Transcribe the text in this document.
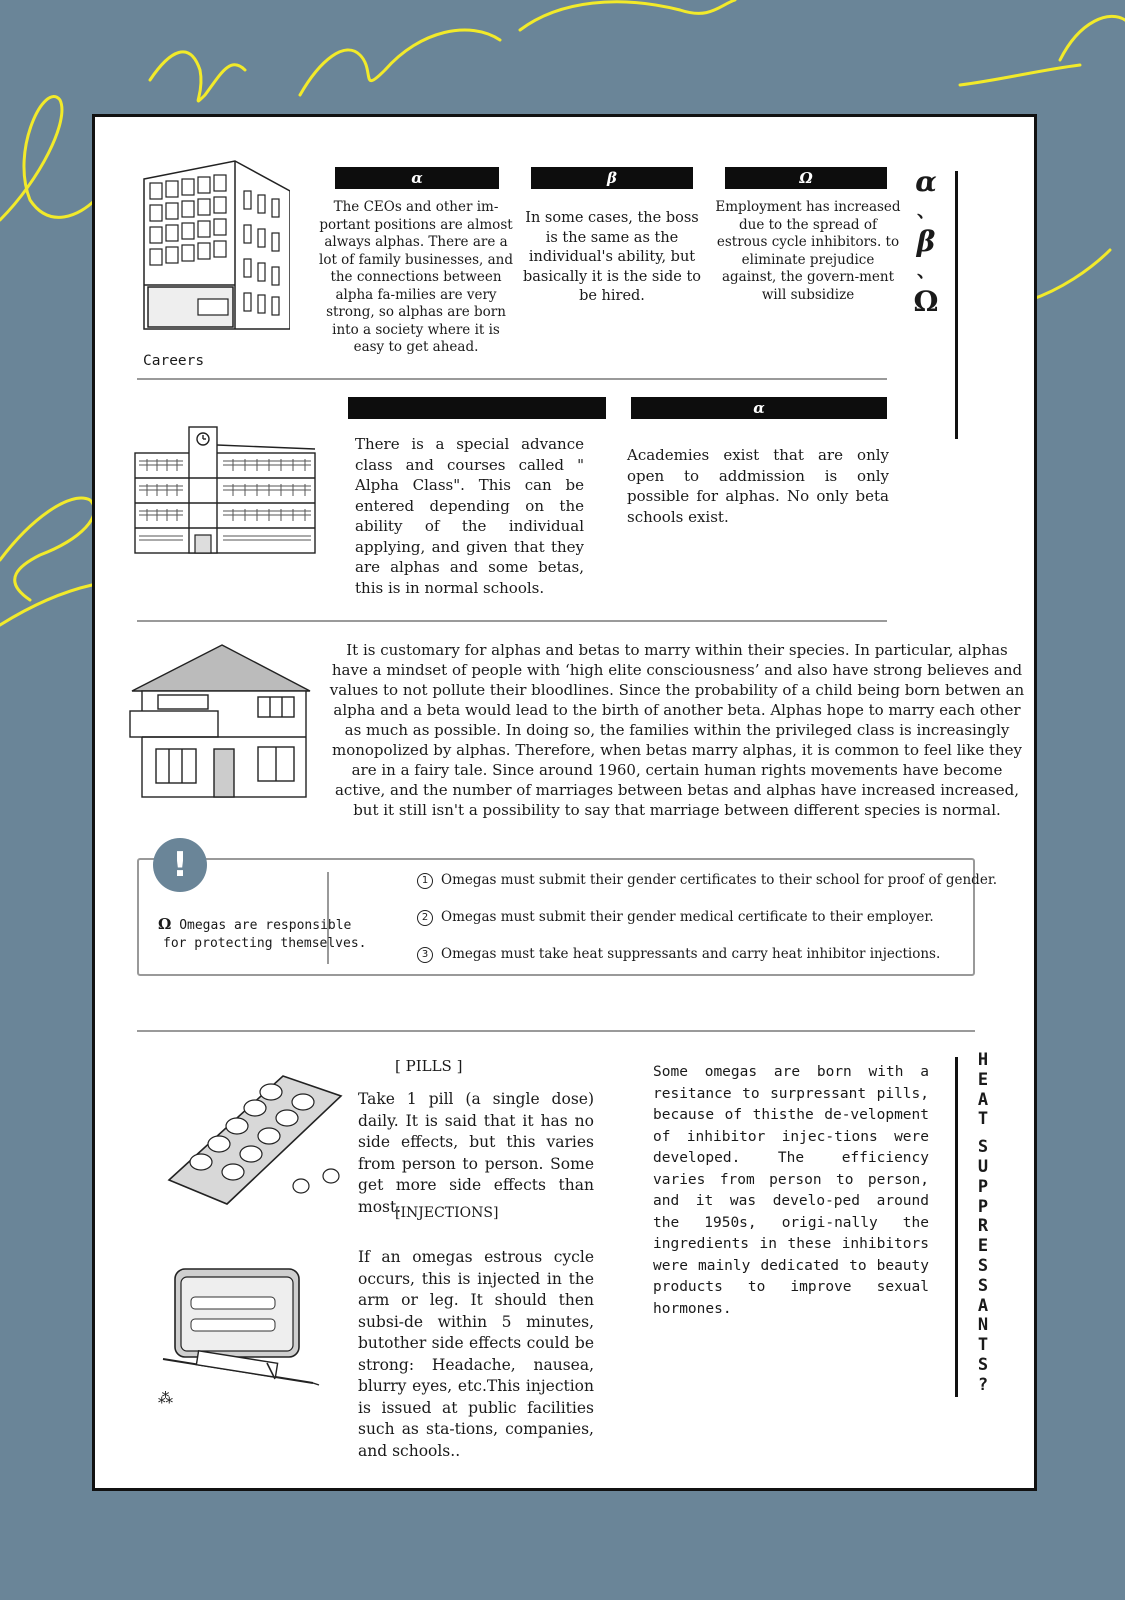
Careers
α
The CEOs and other im-portant positions are almost always alphas. There are a lot of family businesses, and the connections between alpha fa-milies are very strong, so alphas are born into a society where it is easy to get ahead.
β
In some cases, the boss is the same as the individual's ability, but basically it is the side to be hired.
Ω
Employment has increased due to the spread of estrous cycle inhibitors. to eliminate prejudice against, the govern-ment will subsidize
α
、
β
、
Ω
There is a special advance class and courses called " Alpha Class". This can be entered depending on the ability of the individual applying, and given that they are alphas and some betas, this is in normal schools.
α
Academies exist that are only open to addmission is only possible for alphas. No only beta schools exist.
It is customary for alphas and betas to marry within their species. In particular, alphas have a mindset of people with ‘high elite consciousness’ and also have strong believes and values to not pollute their bloodlines. Since the probability of a child being born betwen an alpha and a beta would lead to the birth of another beta. Alphas hope to marry each other as much as possible. In doing so, the families within the privileged class is increasingly monopolized by alphas. Therefore, when betas marry alphas, it is common to feel like they are in a fairy tale. Since around 1960, certain human rights movements have become active, and the number of marriages between betas and alphas have increased increased, but it still isn't a possibility to say that marriage between different species is normal.
!
Ω Omegas are responsible
for protecting themselves.
1 Omegas must submit their gender certificates to their school for proof of gender.
2 Omegas must submit their gender medical certificate to their employer.
3 Omegas must take heat suppressants and carry heat inhibitor injections.
[ PILLS ]
Take 1 pill (a single dose) daily. It is said that it has no side effects, but this varies from person to person. Some get more side effects than most.
[INJECTIONS]
⁂
If an omegas estrous cycle occurs, this is injected in the arm or leg. It should then subsi-de within 5 minutes, butother side effects could be strong: Headache, nausea, blurry eyes, etc.This injection is issued at public facilities such as sta-tions, companies, and schools..
Some omegas are born with a resitance to surpressant pills, because of thisthe de-velopment of inhibitor injec-tions were developed. The efficiency varies from person to person, and it was develo-ped around the 1950s, origi-nally the ingredients in these inhibitors were mainly dedicated to beauty products to improve sexual hormones.
H
E
A
T
S
U
P
P
R
E
S
S
A
N
T
S
?
